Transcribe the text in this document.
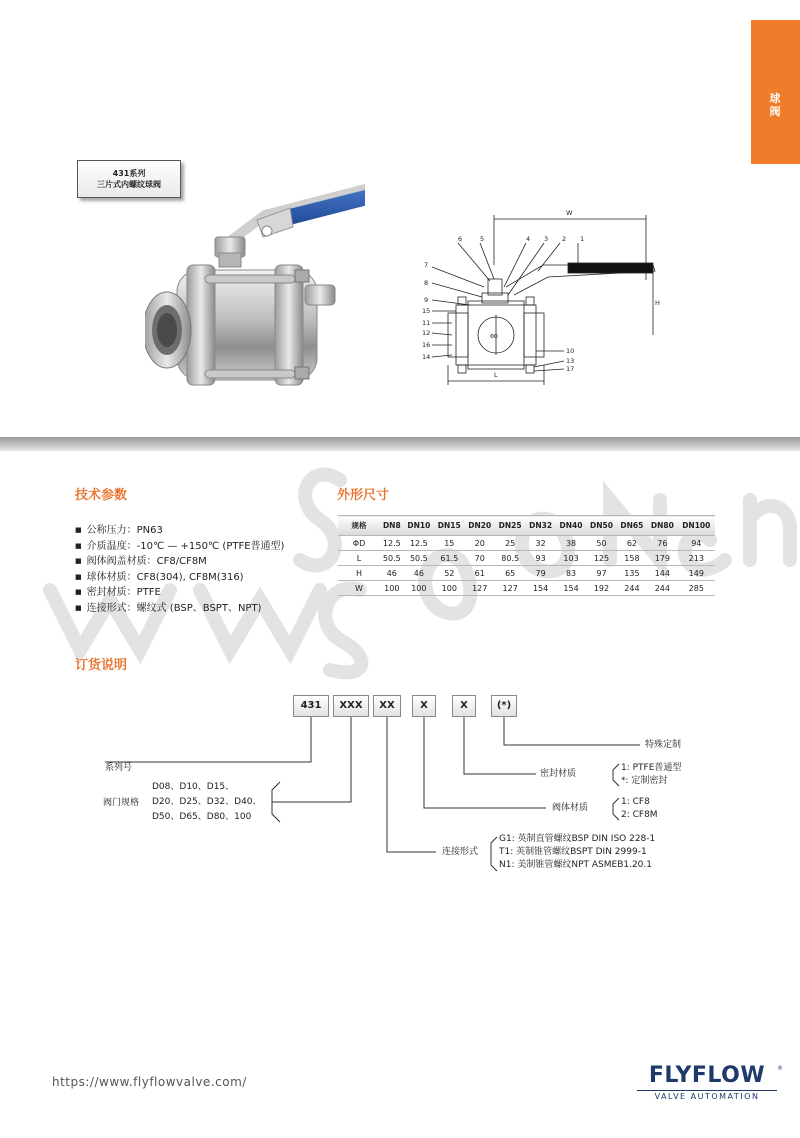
球阀
431系列
三片式内螺纹球阀
W
H
L
ΦD
1
2
3
4
5
6
7
8
9
10
11
12
13
14
15
16
17
技术参数
■ 公称压力：PN63
■ 介质温度：-10℃ — +150℃ (PTFE普通型)
■ 阀体阀盖材质：CF8/CF8M
■ 球体材质：CF8(304), CF8M(316)
■ 密封材质：PTFE
■ 连接形式：螺纹式 (BSP、BSPT、NPT)
外形尺寸
规格	DN8	DN10	DN15	DN20	DN25	DN32	DN40	DN50	DN65	DN80	DN100
ΦD	12.5	12.5	15	20	25	32	38	50	62	76	94
L	50.5	50.5	61.5	70	80.5	93	103	125	158	179	213
H	46	46	52	61	65	79	83	97	135	144	149
W	100	100	100	127	127	154	154	192	244	244	285
订货说明
431	XXX	XX	X	X	(*)
系列号
阀门规格
D08、D10、D15、
D20、D25、D32、D40、
D50、D65、D80、100
连接形式
G1: 英制直管螺纹BSP DIN ISO 228-1
T1: 英制锥管螺纹BSPT DIN 2999-1
N1: 美制锥管螺纹NPT ASMEB1.20.1
阀体材质
1: CF8
2: CF8M
密封材质
1: PTFE普通型
*: 定制密封
特殊定制
https://www.flyflowvalve.com/	FLYFLOW
VALVE AUTOMATION
®
